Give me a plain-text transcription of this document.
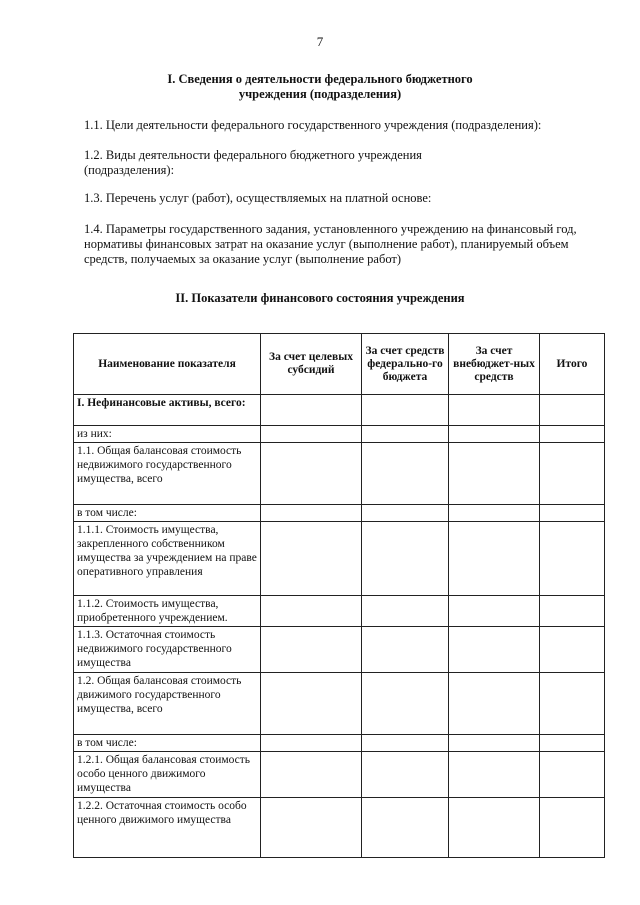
7
I. Сведения о деятельности федерального бюджетного
учреждения (подразделения)
1.1. Цели деятельности федерального государственного учреждения (подразделения):
1.2. Виды деятельности федерального бюджетного учреждения
(подразделения):
1.3. Перечень услуг (работ), осуществляемых на платной основе:
1.4. Параметры государственного задания, установленного учреждению на финансовый год,
нормативы финансовых затрат на оказание услуг (выполнение работ), планируемый объем
средств, получаемых за оказание услуг (выполнение работ)
II. Показатели финансового состояния учреждения
Наименование показателя	За счет целевых субсидий	За счет средств федерально-го бюджета	За счет внебюджет-ных средств	Итого
I. Нефинансовые активы, всего:				
из них:				
1.1. Общая балансовая стоимость недвижимого государственного имущества, всего				
в том числе:				
1.1.1. Стоимость имущества, закрепленного собственником имущества за учреждением на праве оперативного управления				
1.1.2. Стоимость имущества, приобретенного учреждением.				
1.1.3. Остаточная стоимость недвижимого государственного имущества				
1.2. Общая балансовая стоимость движимого государственного имущества, всего				
в том числе:				
1.2.1. Общая балансовая стоимость особо ценного движимого имущества				
1.2.2. Остаточная стоимость особо ценного движимого имущества				
